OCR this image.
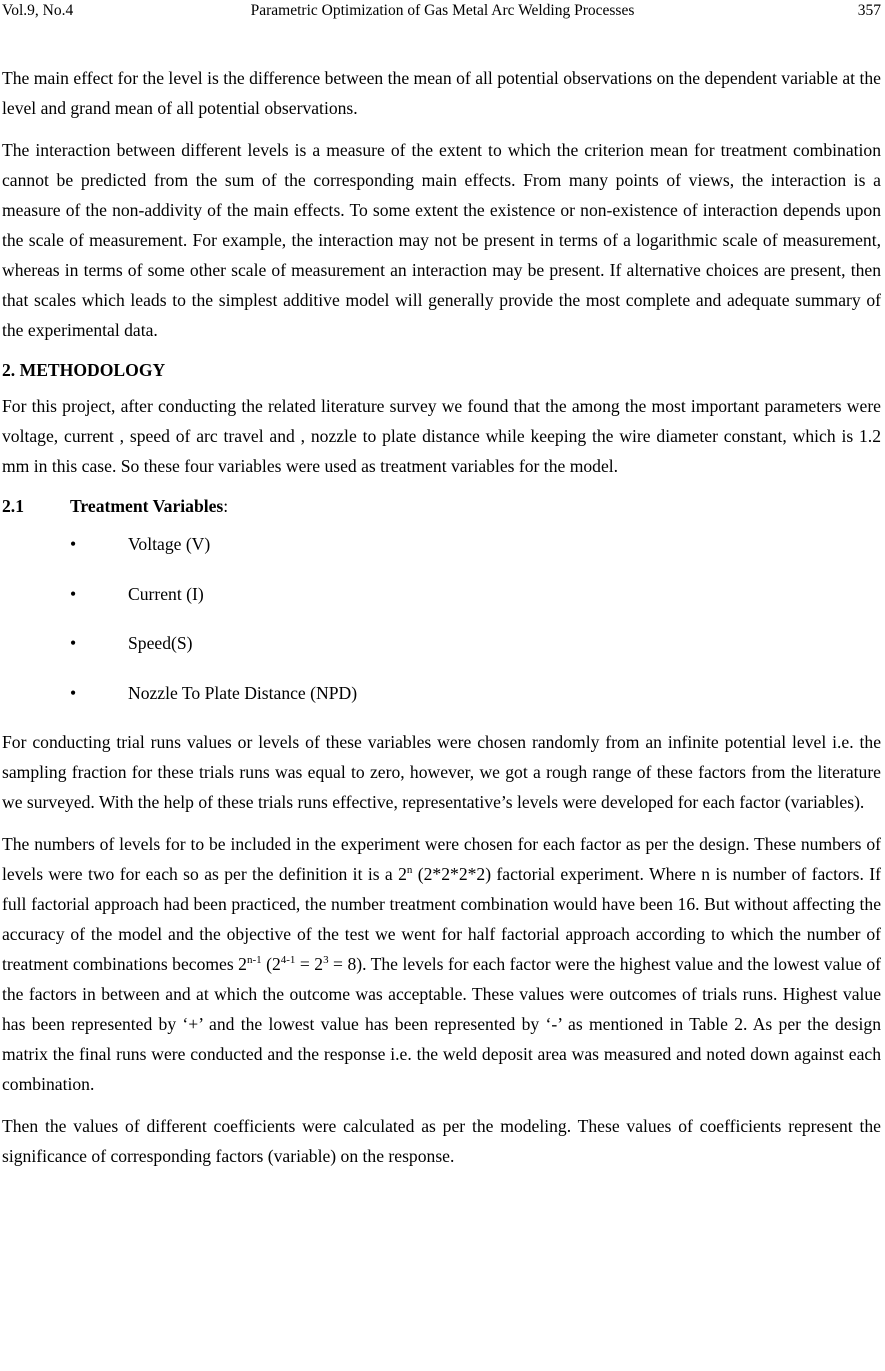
Vol.9, No.4	Parametric Optimization of Gas Metal Arc Welding Processes	357

The main effect for the level is the difference between the mean of all potential observations on the dependent variable at the level and grand mean of all potential observations.

The interaction between different levels is a measure of the extent to which the criterion mean for treatment combination cannot be predicted from the sum of the corresponding main effects. From many points of views, the interaction is a measure of the non-addivity of the main effects. To some extent the existence or non-existence of interaction depends upon the scale of measurement. For example, the interaction may not be present in terms of a logarithmic scale of measurement, whereas in terms of some other scale of measurement an interaction may be present. If alternative choices are present, then that scales which leads to the simplest additive model will generally provide the most complete and adequate summary of the experimental data.

2. METHODOLOGY

For this project, after conducting the related literature survey we found that the among the most important parameters were voltage, current , speed of arc travel and , nozzle to plate distance while keeping the wire diameter constant, which is 1.2 mm in this case. So these four variables were used as treatment variables for the model.

2.1	Treatment Variables:
•	Voltage (V)
•	Current (I)
•	Speed(S)
•	Nozzle To Plate Distance (NPD)

For conducting trial runs values or levels of these variables were chosen randomly from an infinite potential level i.e. the sampling fraction for these trials runs was equal to zero, however, we got a rough range of these factors from the literature we surveyed. With the help of these trials runs effective, representative’s levels were developed for each factor (variables).

The numbers of levels for to be included in the experiment were chosen for each factor as per the design. These numbers of levels were two for each so as per the definition it is a 2$^n$ (2*2*2*2) factorial experiment. Where n is number of factors. If full factorial approach had been practiced, the number treatment combination would have been 16. But without affecting the accuracy of the model and the objective of the test we went for half factorial approach according to which the number of treatment combinations becomes 2$^{n-1}$ $(2^{4-1} = 2^3 = 8)$. The levels for each factor were the highest value and the lowest value of the factors in between and at which the outcome was acceptable. These values were outcomes of trials runs. Highest value has been represented by ‘+’ and the lowest value has been represented by ‘-’ as mentioned in Table 2. As per the design matrix the final runs were conducted and the response i.e. the weld deposit area was measured and noted down against each combination.

Then the values of different coefficients were calculated as per the modeling. These values of coefficients represent the significance of corresponding factors (variable) on the response.
